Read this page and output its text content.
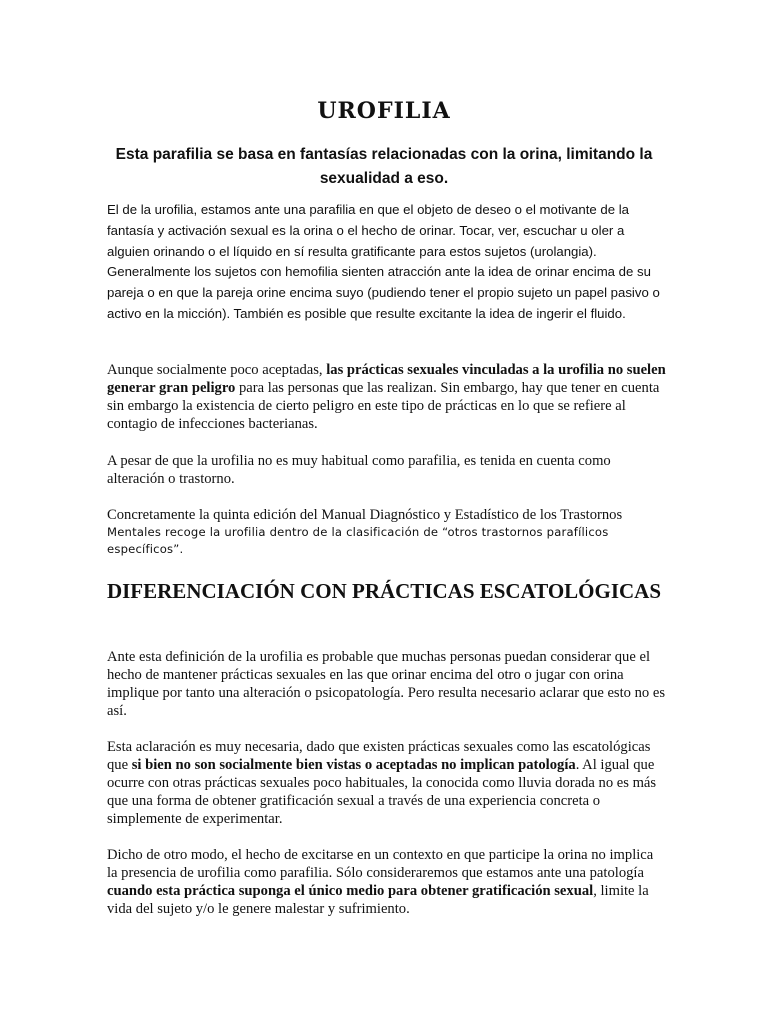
UROFILIA

Esta parafilia se basa en fantasías relacionadas con la orina, limitando la sexualidad a eso.

El de la urofilia, estamos ante una parafilia en que el objeto de deseo o el motivante de la fantasía y activación sexual es la orina o el hecho de orinar. Tocar, ver, escuchar u oler a alguien orinando o el líquido en sí resulta gratificante para estos sujetos (urolangia). Generalmente los sujetos con hemofilia sienten atracción ante la idea de orinar encima de su pareja o en que la pareja orine encima suyo (pudiendo tener el propio sujeto un papel pasivo o activo en la micción). También es posible que resulte excitante la idea de ingerir el fluido.

Aunque socialmente poco aceptadas, las prácticas sexuales vinculadas a la urofilia no suelen generar gran peligro para las personas que las realizan. Sin embargo, hay que tener en cuenta sin embargo la existencia de cierto peligro en este tipo de prácticas en lo que se refiere al contagio de infecciones bacterianas.

A pesar de que la urofilia no es muy habitual como parafilia, es tenida en cuenta como alteración o trastorno.

Concretamente la quinta edición del Manual Diagnóstico y Estadístico de los Trastornos
Mentales recoge la urofilia dentro de la clasificación de “otros trastornos parafílicos específicos”.

DIFERENCIACIÓN CON PRÁCTICAS ESCATOLÓGICAS

Ante esta definición de la urofilia es probable que muchas personas puedan considerar que el hecho de mantener prácticas sexuales en las que orinar encima del otro o jugar con orina implique por tanto una alteración o psicopatología. Pero resulta necesario aclarar que esto no es así.

Esta aclaración es muy necesaria, dado que existen prácticas sexuales como las escatológicas que si bien no son socialmente bien vistas o aceptadas no implican patología. Al igual que ocurre con otras prácticas sexuales poco habituales, la conocida como lluvia dorada no es más que una forma de obtener gratificación sexual a través de una experiencia concreta o simplemente de experimentar.

Dicho de otro modo, el hecho de excitarse en un contexto en que participe la orina no implica la presencia de urofilia como parafilia. Sólo consideraremos que estamos ante una patología cuando esta práctica suponga el único medio para obtener gratificación sexual, limite la vida del sujeto y/o le genere malestar y sufrimiento.
